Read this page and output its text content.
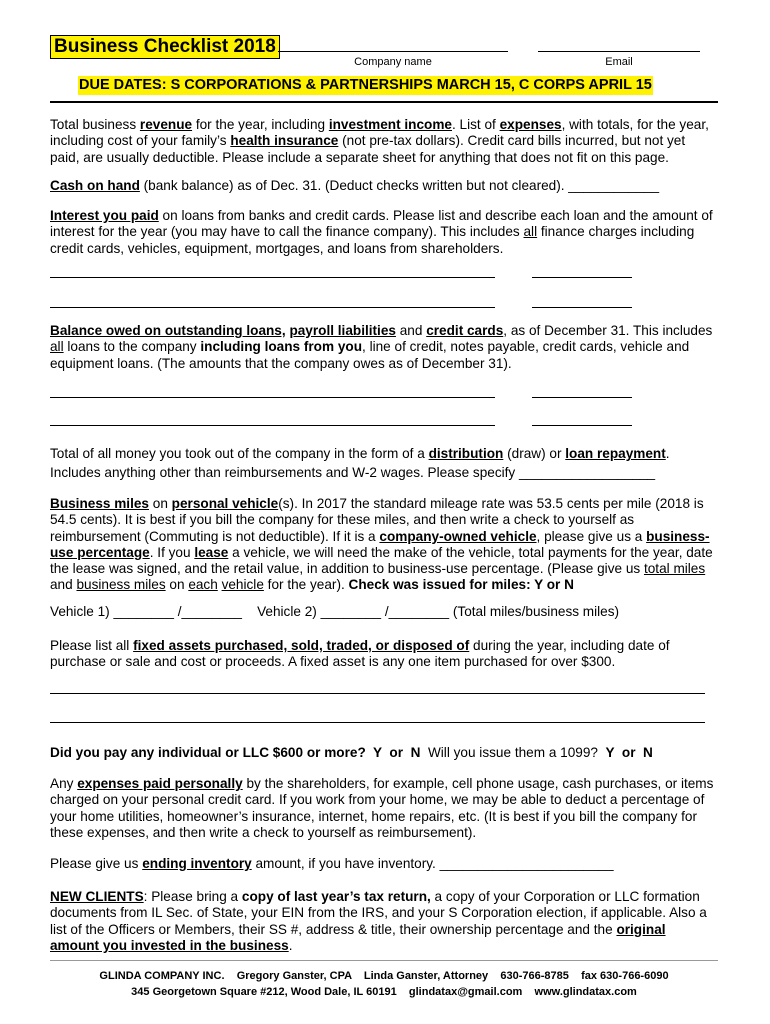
Business Checklist 2018
Company name	Email
DUE DATES: S CORPORATIONS & PARTNERSHIPS MARCH 15, C CORPS APRIL 15

Total business revenue for the year, including investment income. List of expenses, with totals, for the year, including cost of your family’s health insurance (not pre-tax dollars). Credit card bills incurred, but not yet paid, are usually deductible. Please include a separate sheet for anything that does not fit on this page.

Cash on hand (bank balance) as of Dec. 31. (Deduct checks written but not cleared). ____________

Interest you paid on loans from banks and credit cards. Please list and describe each loan and the amount of interest for the year (you may have to call the finance company). This includes all finance charges including credit cards, vehicles, equipment, mortgages, and loans from shareholders.

Balance owed on outstanding loans, payroll liabilities and credit cards, as of December 31. This includes all loans to the company including loans from you, line of credit, notes payable, credit cards, vehicle and equipment loans. (The amounts that the company owes as of December 31).

Total of all money you took out of the company in the form of a distribution (draw) or loan repayment.
Includes anything other than reimbursements and W-2 wages. Please specify __________________

Business miles on personal vehicle(s). In 2017 the standard mileage rate was 53.5 cents per mile (2018 is 54.5 cents). It is best if you bill the company for these miles, and then write a check to yourself as reimbursement (Commuting is not deductible). If it is a company-owned vehicle, please give us a business-use percentage. If you lease a vehicle, we will need the make of the vehicle, total payments for the year, date the lease was signed, and the retail value, in addition to business-use percentage. (Please give us total miles and business miles on each vehicle for the year). Check was issued for miles: Y or N

Vehicle 1) ________ /________    Vehicle 2) ________ /________ (Total miles/business miles)

Please list all fixed assets purchased, sold, traded, or disposed of during the year, including date of purchase or sale and cost or proceeds. A fixed asset is any one item purchased for over $300.

Did you pay any individual or LLC $600 or more?  Y  or  N  Will you issue them a 1099?  Y  or  N

Any expenses paid personally by the shareholders, for example, cell phone usage, cash purchases, or items charged on your personal credit card. If you work from your home, we may be able to deduct a percentage of your home utilities, homeowner’s insurance, internet, home repairs, etc. (It is best if you bill the company for these expenses, and then write a check to yourself as reimbursement).

Please give us ending inventory amount, if you have inventory. _______________________

NEW CLIENTS: Please bring a copy of last year’s tax return, a copy of your Corporation or LLC formation documents from IL Sec. of State, your EIN from the IRS, and your S Corporation election, if applicable. Also a list of the Officers or Members, their SS #, address & title, their ownership percentage and the original amount you invested in the business.

GLINDA COMPANY INC.    Gregory Ganster, CPA    Linda Ganster, Attorney    630-766-8785    fax 630-766-6090
345 Georgetown Square #212, Wood Dale, IL 60191    glindatax@gmail.com    www.glindatax.com
